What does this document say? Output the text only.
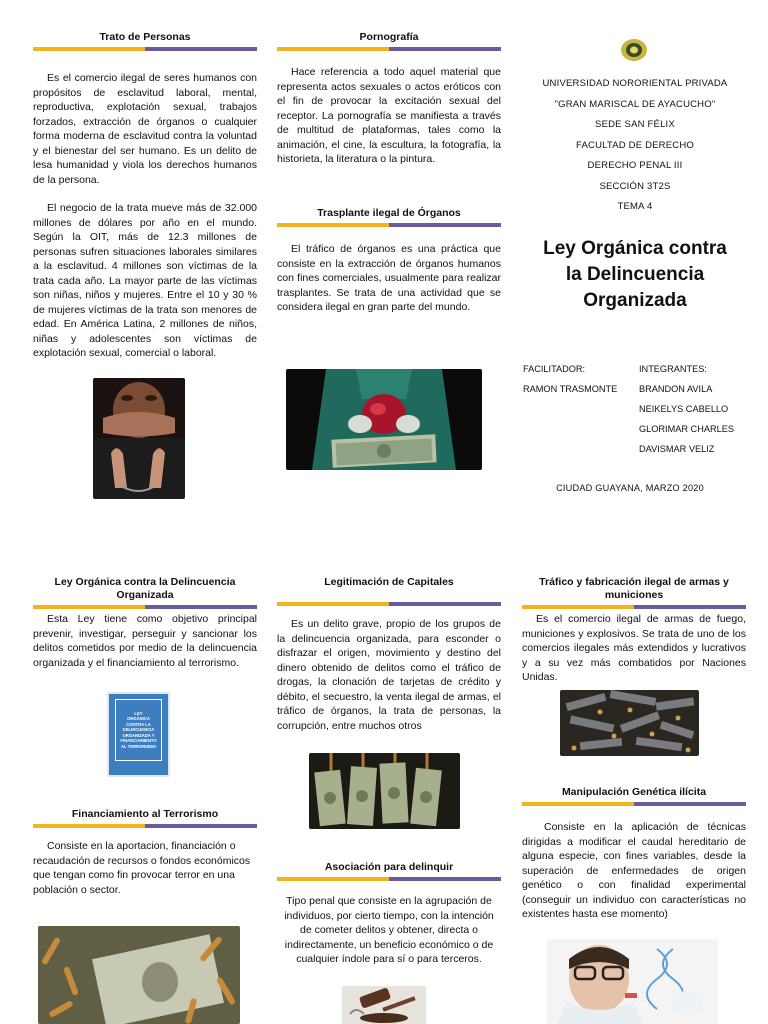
Trato de Personas

Es el comercio ilegal de seres humanos con propósitos de esclavitud laboral, mental, reproductiva, explotación sexual, trabajos forzados, extracción de órganos o cualquier forma moderna de esclavitud contra la voluntad y el bienestar del ser humano. Es un delito de lesa humanidad y viola los derechos humanos de la persona.

El negocio de la trata mueve más de 32.000 millones de dólares por año en el mundo. Según la OIT, más de 12.3 millones de personas sufren situaciones laborales similares a la esclavitud. 4 millones son víctimas de la trata cada año. La mayor parte de las víctimas son niñas, niños y mujeres. Entre el 10 y 30 % de mujeres víctimas de la trata son menores de edad. En América Latina, 2 millones de niños, niñas y adolescentes son víctimas de explotación sexual, comercial o laboral.

Pornografía

Hace referencia a todo aquel material que representa actos sexuales o actos eróticos con el fin de provocar la excitación sexual del receptor. La pornografía se manifiesta a través de multitud de plataformas, tales como la animación, el cine, la escultura, la fotografía, la historieta, la literatura o la pintura.

Trasplante ilegal de Órganos

El tráfico de órganos es una práctica que consiste en la extracción de órganos humanos con fines comerciales, usualmente para realizar trasplantes. Se trata de una actividad que se considera ilegal en gran parte del mundo.

UNIVERSIDAD NORORIENTAL PRIVADA
"GRAN MARISCAL DE AYACUCHO"
SEDE SAN FÉLIX
FACULTAD DE DERECHO
DERECHO PENAL III
SECCIÓN 3T2S
TEMA 4
Ley Orgánica contra
la Delincuencia
Organizada
FACILITADOR:
RAMON TRASMONTE
INTEGRANTES:
BRANDON AVILA
NEIKELYS CABELLO
GLORIMAR CHARLES
DAVISMAR VELIZ
CIUDAD GUAYANA, MARZO 2020
Ley Orgánica contra la Delincuencia
Organizada

Esta Ley tiene como objetivo principal prevenir, investigar, perseguir y sancionar los delitos cometidos por medio de la delincuencia organizada y el financiamiento al terrorismo.

LEY
ORGÁNICA
CONTRA LA
DELINCUENCIA
ORGANIZADA Y
FINANCIAMIENTO
AL TERRORISMO
Financiamiento al Terrorismo

Consiste en la aportacion, financiación o recaudación de recursos o fondos económicos que tengan como fin provocar terror en una población o sector.

Legitimación de Capitales

Es un delito grave, propio de los grupos de la delincuencia organizada, para esconder o disfrazar el origen, movimiento y destino del dinero obtenido de delitos como el tráfico de drogas, la clonación de tarjetas de crédito y débito, el secuestro, la venta ilegal de armas, el tráfico de órganos, la trata de personas, la corrupción, entre muchos otros

Asociación para delinquir

Tipo penal que consiste en la agrupación de individuos, por cierto tiempo, con la intención de cometer delitos y obtener, directa o indirectamente, un beneficio económico o de cualquier índole para sí o para terceros.

Tráfico y fabricación ilegal de armas y
municiones

Es el comercio ilegal de armas de fuego, municiones y explosivos. Se trata de uno de los comercios ilegales más extendidos y lucrativos y a su vez más combatidos por Naciones Unidas.

Manipulación Genética ilícita

Consiste en la aplicación de técnicas dirigidas a modificar el caudal hereditario de alguna especie, con fines variables, desde la superación de enfermedades de origen genético o con finalidad experimental (conseguir un individuo con características no existentes hasta ese momento)
